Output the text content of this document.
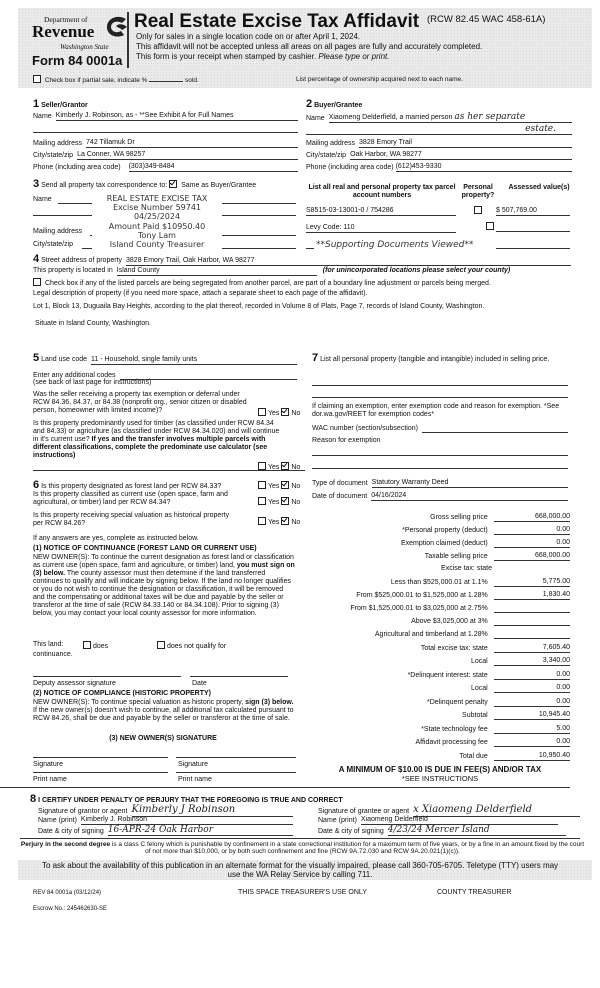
Department of
Revenue
Washington State
Form 84 0001a
Real Estate Excise Tax Affidavit (RCW 82.45 WAC 458-61A)
Only for sales in a single location code on or after April 1, 2024.
This affidavit will not be accepted unless all areas on all pages are fully and accurately completed.
This form is your receipt when stamped by cashier. Please type or print.
Check box if partial sale, indicate %	sold.	List percentage of ownership acquired next to each name.
1 Seller/Grantor
Name Kimberly J. Robinson, as - **See Exhibit A for Full Names
Mailing address 742 Tillamuk Dr
City/state/zip La Conner, WA 98257
Phone (including area code) (303)349-8484
2 Buyer/Grantee
Name Xiaomeng Delderfield, a married person as her separate
estate.
Mailing address 3828 Emory Trail
City/state/zip Oak Harbor, WA 98277
Phone (including area code) (612)453-9330
3 Send all property tax correspondence to: Same as Buyer/Grantee
Name
Mailing address
City/state/zip
REAL ESTATE EXCISE TAX
Excise Number 59741
04/25/2024
Amount Paid $10950.40
Tony Lam
Island County Treasurer
List all real and personal property tax parcel account numbers
Personal property?
Assessed value(s)
S8515-03-13001-0 / 754286
	$ 507,769.00
Levy Code: 110
**Supporting Documents Viewed**
4 Street address of property 3828 Emory Trail, Oak Harbor, WA 98277
This property is located in Island County	(for unincorporated locations please select your county)
Check box if any of the listed parcels are being segregated from another parcel, are part of a boundary line adjustment or parcels being merged.
Legal description of property (if you need more space, attach a separate sheet to each page of the affidavit).
Lot 1, Block 13, Duguaila Bay Heights, according to the plat thereof, recorded in Volume 8 of Plats, Page 7, records of Island County, Washington.
Situate in Island County, Washington.
5 Land use code 11 - Household, single family units
Enter any additional codes
(see back of last page for instructions)
Was the seller receiving a property tax exemption or deferral under RCW 84.36, 84.37, or 84.38 (nonprofit org., senior citizen or disabled person, homeowner with limited income)?	Yes No
Is this property predominantly used for timber (as classified under RCW 84.34 and 84.33) or agriculture (as classified under RCW 84.34.020) and will continue in it's current use? If yes and the transfer involves multiple parcels with different classifications, complete the predominate use calculator (see instructions)
Yes No
7 List all personal property (tangible and intangible) included in selling price.
If claiming an exemption, enter exemption code and reason for exemption. *See dor.wa.gov/REET for exemption codes*
WAC number (section/subsection)
Reason for exemption
6 Is this property designated as forest land per RCW 84.33?	Yes No
Is this property classified as current use (open space, farm and agricultural, or timber) land per RCW 84.34?	Yes No
Is this property receiving special valuation as historical property per RCW 84.26?	Yes No
If any answers are yes, complete as instructed below.
(1) NOTICE OF CONTINUANCE (FOREST LAND OR CURRENT USE)
NEW OWNER(S): To continue the current designation as forest land or classification as current use (open space, farm and agriculture, or timber) land, you must sign on (3) below. The county assessor must then determine if the land transferred continues to qualify and will indicate by signing below. If the land no longer qualifies or you do not wish to continue the designation or classification, it will be removed and the compensating or additional taxes will be due and payable by the seller or transferor at the time of sale (RCW 84.33.140 or 84.34.108). Prior to signing (3) below, you may contact your local county assessor for more information.
This land:	does	does not qualify for
continuance.
Deputy assessor signature	Date
(2) NOTICE OF COMPLIANCE (HISTORIC PROPERTY)
NEW OWNER(S): To continue special valuation as historic property, sign (3) below. If the new owner(s) doesn't wish to continue, all additional tax calculated pursuant to RCW 84.26, shall be due and payable by the seller or transferor at the time of sale.
(3) NEW OWNER(S) SIGNATURE
Signature	Signature
Print name	Print name
Type of document Statutory Warranty Deed
Date of document 04/16/2024
Gross selling price	668,000.00
*Personal property (deduct)	0.00
Exemption claimed (deduct)	0.00
Taxable selling price	668,000.00
Excise tax: state
Less than $525,000.01 at 1.1%	5,775.00
From $525,000.01 to $1,525,000 at 1.28%	1,830.40
From $1,525,000.01 to $3,025,000 at 2.75%
Above $3,025,000 at 3%
Agricultural and timberland at 1.28%
Total excise tax: state	7,605.40
Local	3,340.00
*Delinquent interest: state	0.00
Local	0.00
*Delinquent penalty	0.00
Subtotal	10,945.40
*State technology fee	5.00
Affidavit processing fee	0.00
Total due	10,950.40
A MINIMUM OF $10.00 IS DUE IN FEE(S) AND/OR TAX
*SEE INSTRUCTIONS
8 I CERTIFY UNDER PENALTY OF PERJURY THAT THE FOREGOING IS TRUE AND CORRECT
Signature of grantor or agent Kimberly J Robinson
Name (print) Kimberly J. Robinson
Date & city of signing 16-APR-24 Oak Harbor
Signature of grantee or agent x Xiaomeng Delderfield
Name (print) Xiaomeng Delderfield
Date & city of signing 4/23/24 Mercer Island
Perjury in the second degree is a class C felony which is punishable by confinement in a state correctional institution for a maximum term of five years, or by a fine in an amount fixed by the court of not more than $10,000, or by both such confinement and fine (RCW 9A.72.030 and RCW 9A.20.021(1)(c)).
To ask about the availability of this publication in an alternate format for the visually impaired, please call 360-705-6705. Teletype (TTY) users may use the WA Relay Service by calling 711.
REV 84 0001a (03/12/24)	THIS SPACE TREASURER'S USE ONLY	COUNTY TREASURER
Escrow No.: 245462630-SE
